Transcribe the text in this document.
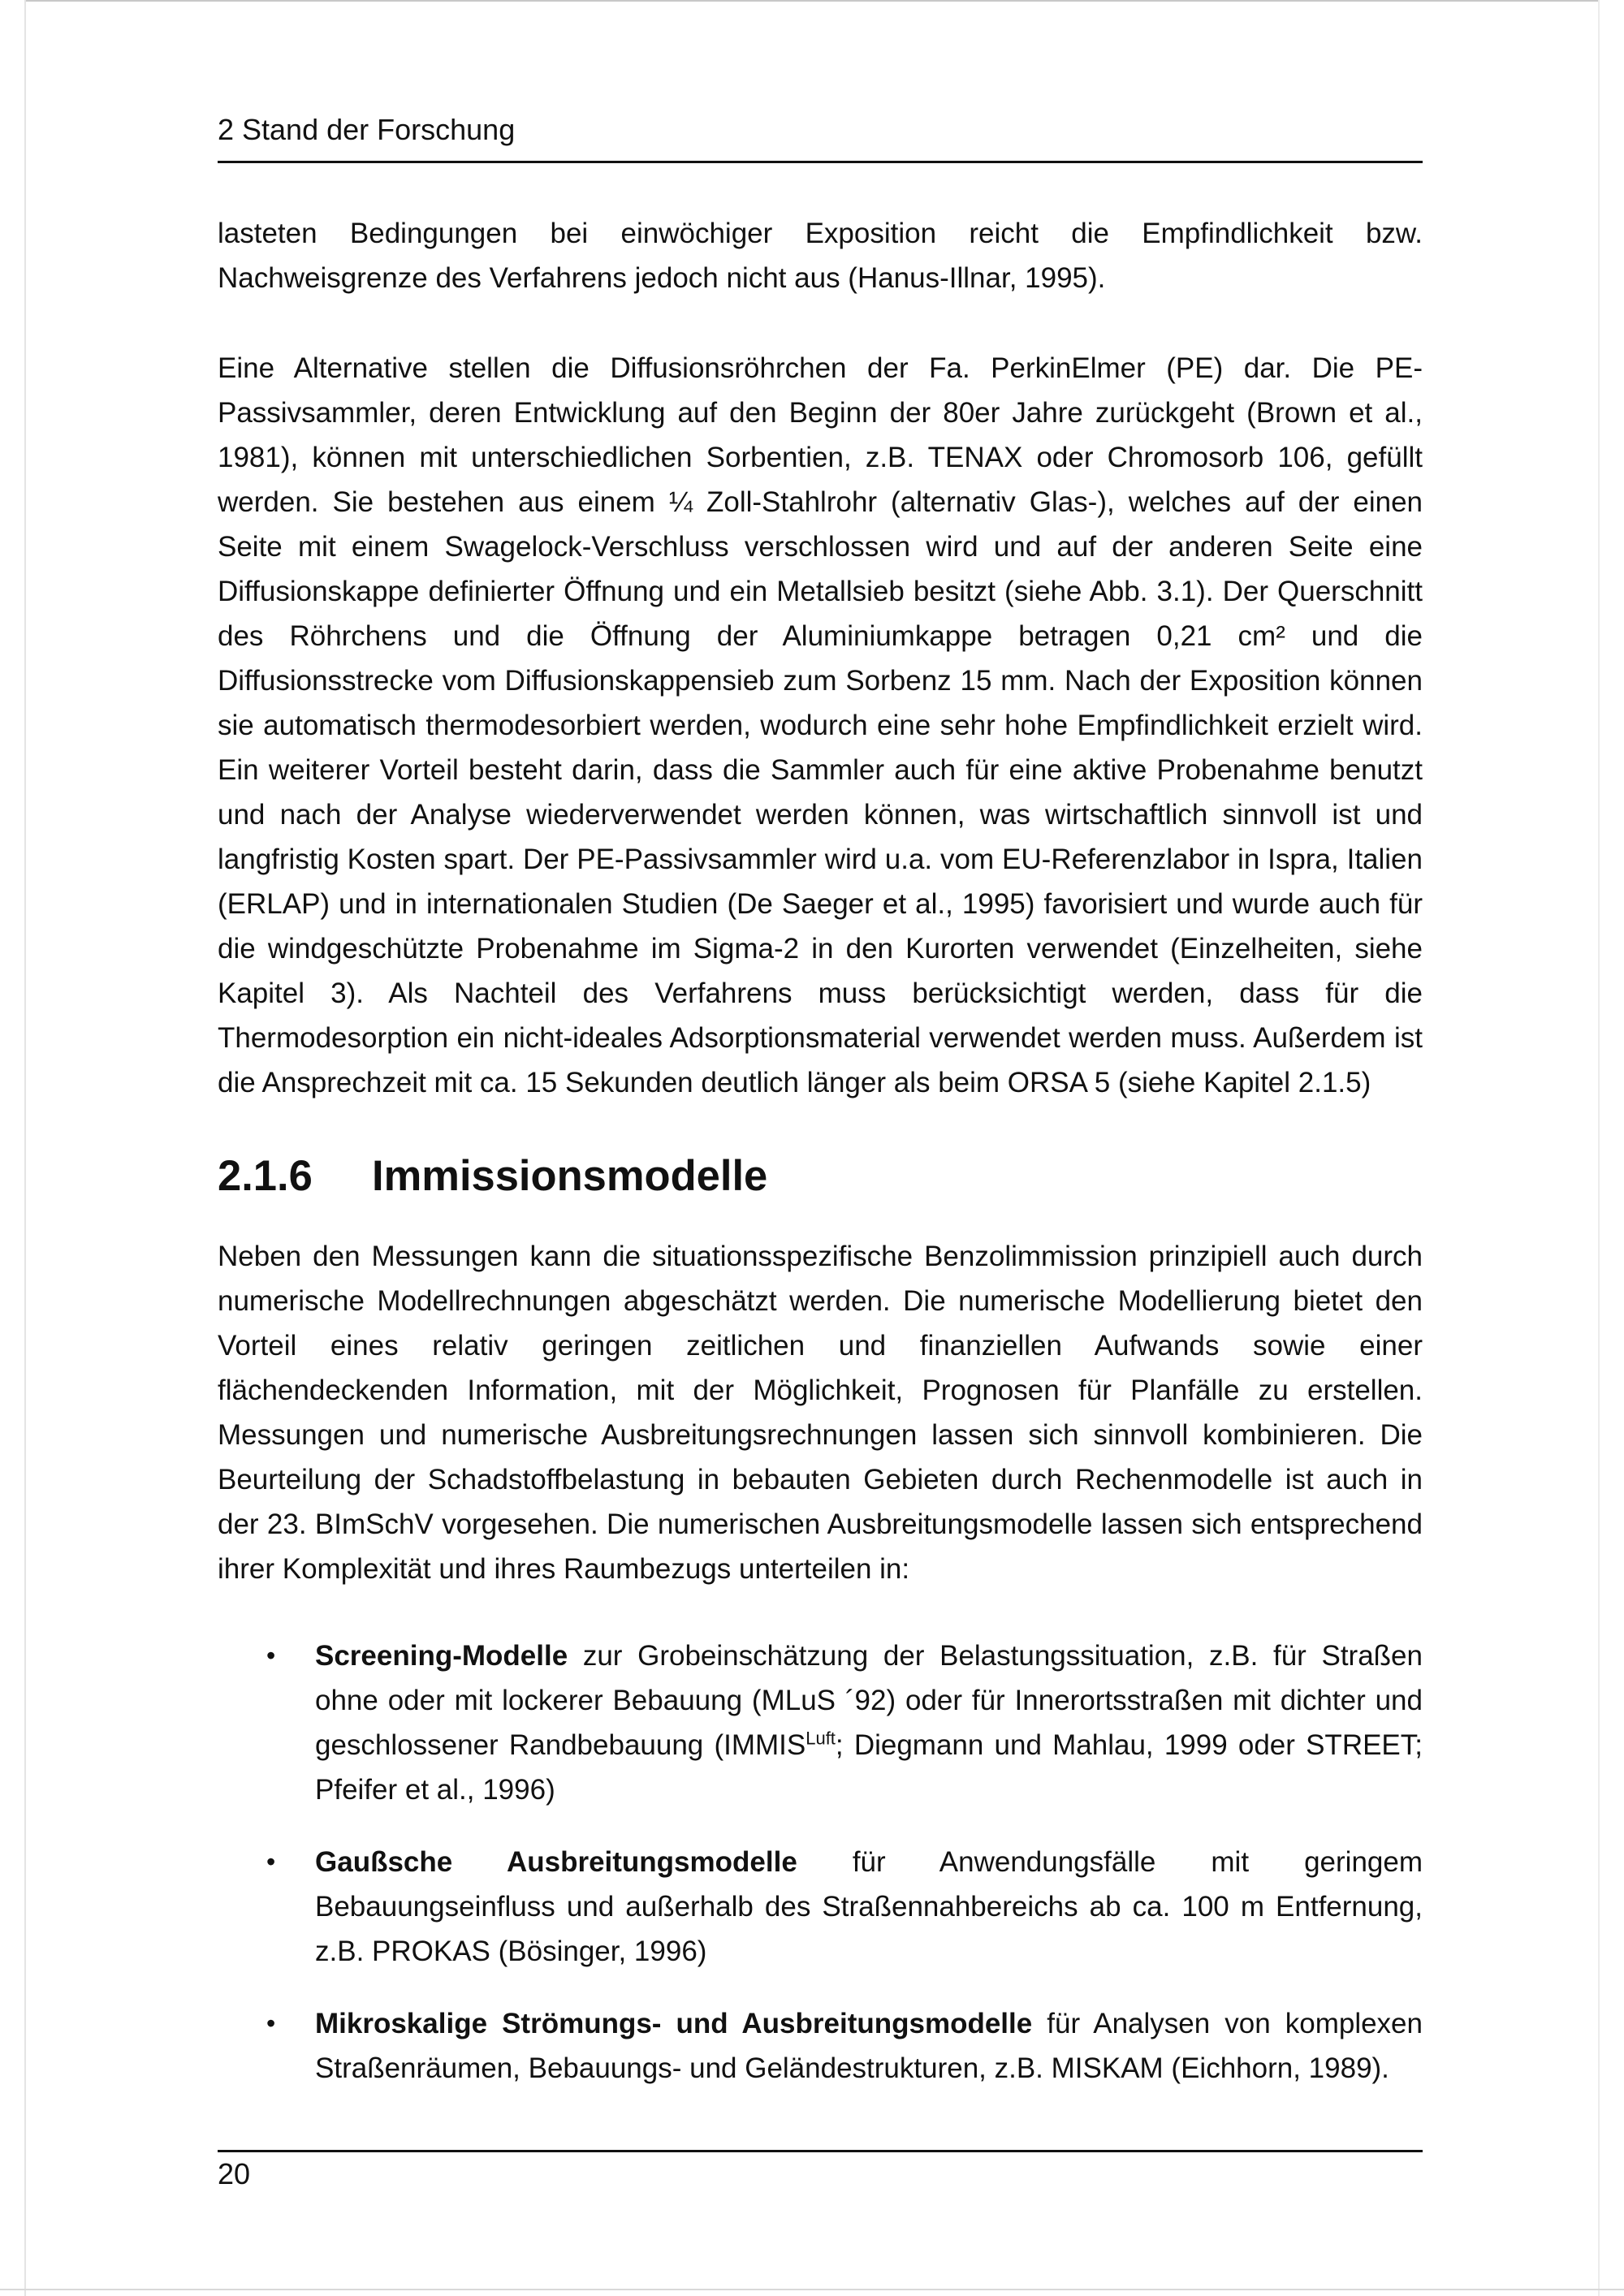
2 Stand der Forschung

lasteten Bedingungen bei einwöchiger Exposition reicht die Empfindlichkeit bzw. Nachweisgrenze des Verfahrens jedoch nicht aus (Hanus-Illnar, 1995).

Eine Alternative stellen die Diffusionsröhrchen der Fa. PerkinElmer (PE) dar. Die PE-Passivsammler, deren Entwicklung auf den Beginn der 80er Jahre zurückgeht (Brown et al., 1981), können mit unterschiedlichen Sorbentien, z.B. TENAX oder Chromosorb 106, gefüllt werden. Sie bestehen aus einem ¼ Zoll-Stahlrohr (alternativ Glas-), welches auf der einen Seite mit einem Swagelock-Verschluss verschlossen wird und auf der anderen Seite eine Diffusionskappe definierter Öffnung und ein Metallsieb besitzt (siehe Abb. 3.1). Der Querschnitt des Röhrchens und die Öffnung der Aluminiumkappe betragen 0,21 cm² und die Diffusionsstrecke vom Diffusionskappensieb zum Sorbenz 15 mm. Nach der Exposition können sie automatisch thermodesorbiert werden, wodurch eine sehr hohe Empfindlichkeit erzielt wird. Ein weiterer Vorteil besteht darin, dass die Sammler auch für eine aktive Probenahme benutzt und nach der Analyse wiederverwendet werden können, was wirtschaftlich sinnvoll ist und langfristig Kosten spart. Der PE-Passivsammler wird u.a. vom EU-Referenzlabor in Ispra, Italien (ERLAP) und in internationalen Studien (De Saeger et al., 1995) favorisiert und wurde auch für die windgeschützte Probenahme im Sigma-2 in den Kurorten verwendet (Einzelheiten, siehe Kapitel 3). Als Nachteil des Verfahrens muss berücksichtigt werden, dass für die Thermodesorption ein nicht-ideales Adsorptionsmaterial verwendet werden muss. Außerdem ist die Ansprechzeit mit ca. 15 Sekunden deutlich länger als beim ORSA 5 (siehe Kapitel 2.1.5)

2.1.6	Immissionsmodelle

Neben den Messungen kann die situationsspezifische Benzolimmission prinzipiell auch durch numerische Modellrechnungen abgeschätzt werden. Die numerische Modellierung bietet den Vorteil eines relativ geringen zeitlichen und finanziellen Aufwands sowie einer flächendeckenden Information, mit der Möglichkeit, Prognosen für Planfälle zu erstellen. Messungen und numerische Ausbreitungsrechnungen lassen sich sinnvoll kombinieren. Die Beurteilung der Schadstoffbelastung in bebauten Gebieten durch Rechenmodelle ist auch in der 23. BImSchV vorgesehen. Die numerischen Ausbreitungsmodelle lassen sich entsprechend ihrer Komplexität und ihres Raumbezugs unterteilen in:

• Screening-Modelle zur Grobeinschätzung der Belastungssituation, z.B. für Straßen ohne oder mit lockerer Bebauung (MLuS ´92) oder für Innerortsstraßen mit dichter und geschlossener Randbebauung ($IMMIS^{Luft}$; Diegmann und Mahlau, 1999 oder STREET; Pfeifer et al., 1996)

• Gaußsche Ausbreitungsmodelle für Anwendungsfälle mit geringem Bebauungseinfluss und außerhalb des Straßennahbereichs ab ca. 100 m Entfernung, z.B. PROKAS (Bösinger, 1996)

• Mikroskalige Strömungs- und Ausbreitungsmodelle für Analysen von komplexen Straßenräumen, Bebauungs- und Geländestrukturen, z.B. MISKAM (Eichhorn, 1989).

20
